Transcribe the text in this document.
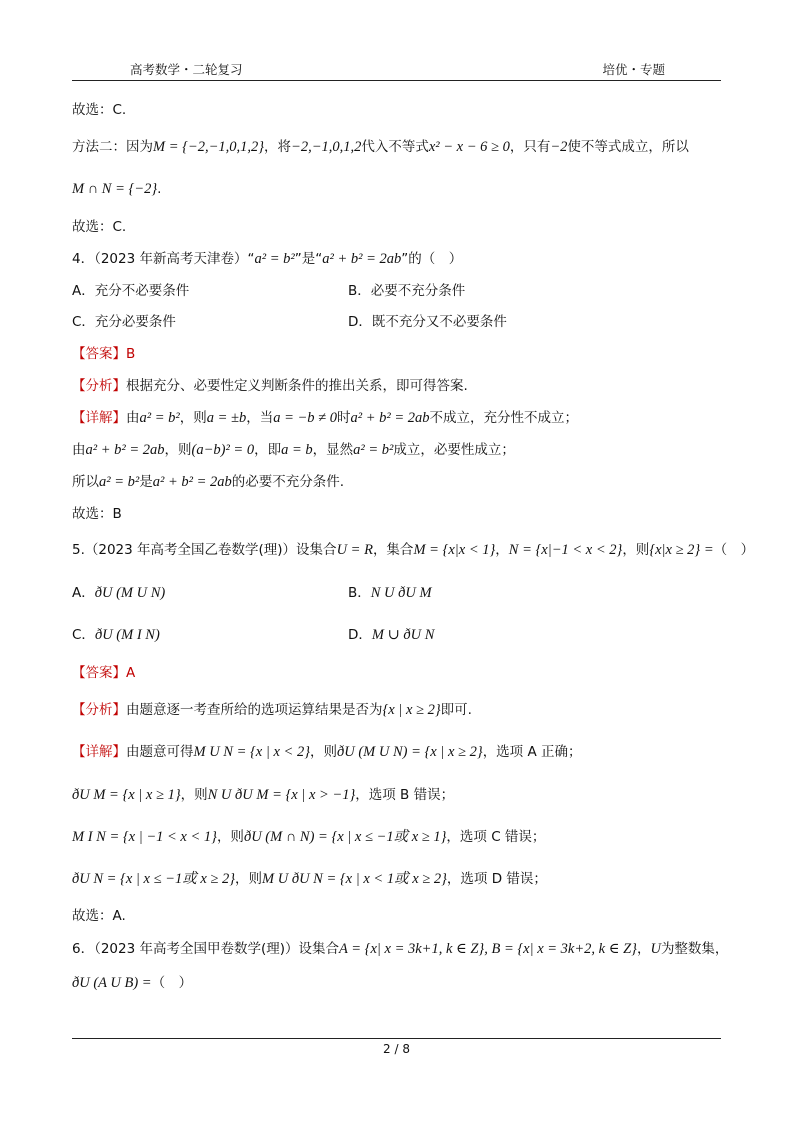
高考数学・二轮复习	培优・专题
故选：C.
方法二：因为M = {−2,−1,0,1,2}，将−2,−1,0,1,2代入不等式x² − x − 6 ≥ 0，只有−2使不等式成立，所以
M ∩ N = {−2}.
故选：C.
4．（2023 年新高考天津卷）“a² = b²”是“a² + b² = 2ab”的（　）
A．充分不必要条件	B．必要不充分条件
C．充分必要条件	D．既不充分又不必要条件
【答案】B
【分析】根据充分、必要性定义判断条件的推出关系，即可得答案.
【详解】由a² = b²，则a = ±b，当a = −b ≠ 0时a² + b² = 2ab不成立，充分性不成立；
由a² + b² = 2ab，则(a−b)² = 0，即a = b，显然a² = b²成立，必要性成立；
所以a² = b²是a² + b² = 2ab的必要不充分条件.
故选：B
5.（2023 年高考全国乙卷数学(理)）设集合U = R，集合M = {x|x < 1}，N = {x|−1 < x < 2}，则{x|x ≥ 2} =（　）
A．ðU (M U N)	B．N U ðU M
C．ðU (M I N)	D．M ∪ ðU N
【答案】A
【分析】由题意逐一考查所给的选项运算结果是否为{x | x ≥ 2}即可.
【详解】由题意可得M U N = {x | x < 2}，则ðU (M U N) = {x | x ≥ 2}，选项 A 正确；
ðU M = {x | x ≥ 1}，则N U ðU M = {x | x > −1}，选项 B 错误；
M I N = {x | −1 < x < 1}，则ðU (M ∩ N) = {x | x ≤ −1或 x ≥ 1}，选项 C 错误；
ðU N = {x | x ≤ −1或 x ≥ 2}，则M U ðU N = {x | x < 1或 x ≥ 2}，选项 D 错误；
故选：A.
6．（2023 年高考全国甲卷数学(理)）设集合A = {x| x = 3k+1, k ∈ Z}, B = {x| x = 3k+2, k ∈ Z}，U为整数集，
ðU (A U B) =（　）
2 / 8
